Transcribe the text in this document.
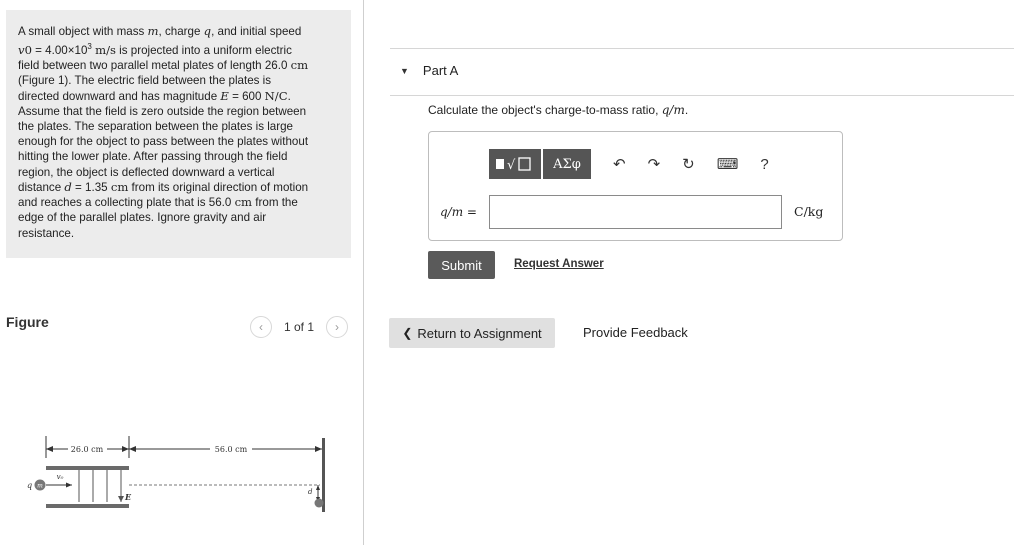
A small object with mass m, charge q, and initial speed
$v0 = 4.00\times 10^3$ m/s is projected into a uniform electric
field between two parallel metal plates of length 26.0 cm
(Figure 1). The electric field between the plates is
directed downward and has magnitude E = 600 N/C.
Assume that the field is zero outside the region between
the plates. The separation between the plates is large
enough for the object to pass between the plates without
hitting the lower plate. After passing through the field
region, the object is deflected downward a vertical
distance d = 1.35 cm from its original direction of motion
and reaches a collecting plate that is 56.0 cm from the
edge of the parallel plates. Ignore gravity and air
resistance.
Figure	‹	1 of 1	›
26.0 cm	56.0 cm
E
q m
v₀
d
▼ Part A
Calculate the object's charge-to-mass ratio, q/m.
√	ΑΣφ	↶ ↷ ↻ ⌨ ?
q/m =	C/kg
Submit	Request Answer
❮ Return to Assignment	Provide Feedback
